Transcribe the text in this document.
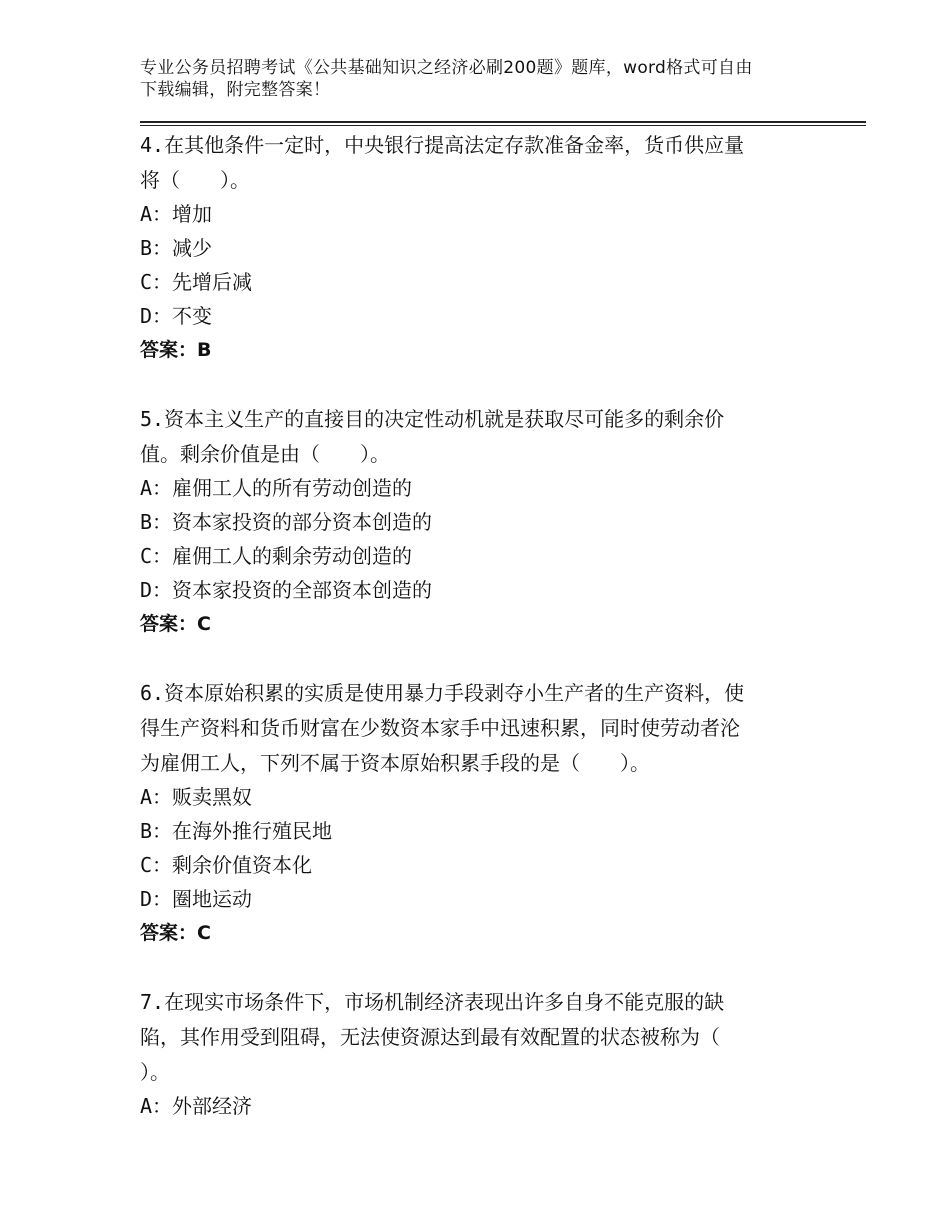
专业公务员招聘考试《公共基础知识之经济必刷200题》题库，word格式可自由
下载编辑，附完整答案！

4.在其他条件一定时，中央银行提高法定存款准备金率，货币供应量

将（　　）。

A：增加

B：减少

C：先增后减

D：不变

答案：B

5.资本主义生产的直接目的决定性动机就是获取尽可能多的剩余价

值。剩余价值是由（　　）。

A：雇佣工人的所有劳动创造的

B：资本家投资的部分资本创造的

C：雇佣工人的剩余劳动创造的

D：资本家投资的全部资本创造的

答案：C

6.资本原始积累的实质是使用暴力手段剥夺小生产者的生产资料，使

得生产资料和货币财富在少数资本家手中迅速积累，同时使劳动者沦

为雇佣工人，下列不属于资本原始积累手段的是（　　）。

A：贩卖黑奴

B：在海外推行殖民地

C：剩余价值资本化

D：圈地运动

答案：C

7.在现实市场条件下，市场机制经济表现出许多自身不能克服的缺

陷，其作用受到阻碍，无法使资源达到最有效配置的状态被称为（

）。

A：外部经济
